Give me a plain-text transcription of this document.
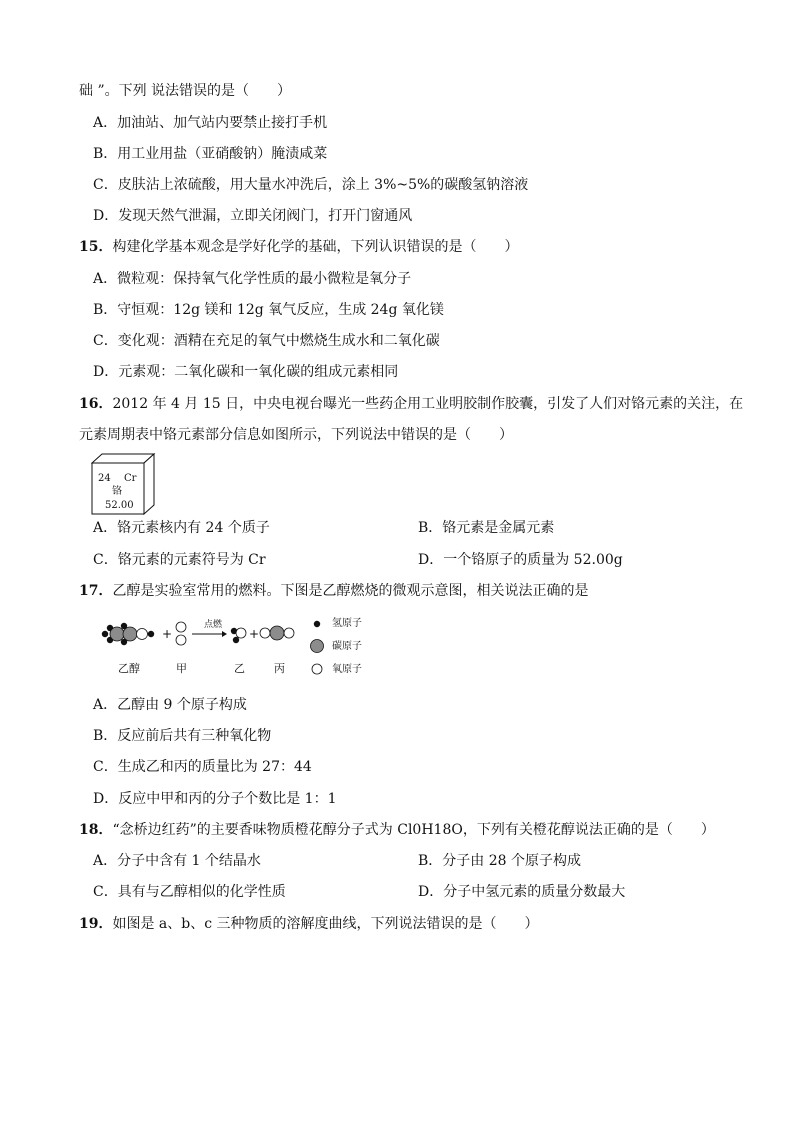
础 ”。下列 说法错误的是（　　）
A．加油站、加气站内要禁止接打手机
B．用工业用盐（亚硝酸钠）腌渍咸菜
C．皮肤沾上浓硫酸，用大量水冲洗后，涂上 3%~5%的碳酸氢钠溶液
D．发现天然气泄漏，立即关闭阀门，打开门窗通风
15．构建化学基本观念是学好化学的基础，下列认识错误的是（　　）
A．微粒观：保持氧气化学性质的最小微粒是氧分子
B．守恒观：12g 镁和 12g 氧气反应，生成 24g 氧化镁
C．变化观：酒精在充足的氧气中燃烧生成水和二氧化碳
D．元素观：二氧化碳和一氧化碳的组成元素相同
16．2012 年 4 月 15 日，中央电视台曝光一些药企用工业明胶制作胶囊，引发了人们对铬元素的关注，在
元素周期表中铬元素部分信息如图所示，下列说法中错误的是（　　）
24 Cr
铬
52.00
A．铬元素核内有 24 个质子	B．铬元素是金属元素
C．铬元素的元素符号为 Cr	D．一个铬原子的质量为 52.00g
17．乙醇是实验室常用的燃料。下图是乙醇燃烧的微观示意图，相关说法正确的是
+	+
点燃
乙醇	甲	乙	丙
氢原子
碳原子
氧原子
A．乙醇由 9 个原子构成
B．反应前后共有三种氧化物
C．生成乙和丙的质量比为 27：44
D．反应中甲和丙的分子个数比是 1：1
18．“念桥边红药”的主要香味物质橙花醇分子式为 Cl0H18O，下列有关橙花醇说法正确的是（　　）
A．分子中含有 1 个结晶水	B．分子由 28 个原子构成
C．具有与乙醇相似的化学性质	D．分子中氢元素的质量分数最大
19．如图是 a、b、c 三种物质的溶解度曲线，下列说法错误的是（　　）
